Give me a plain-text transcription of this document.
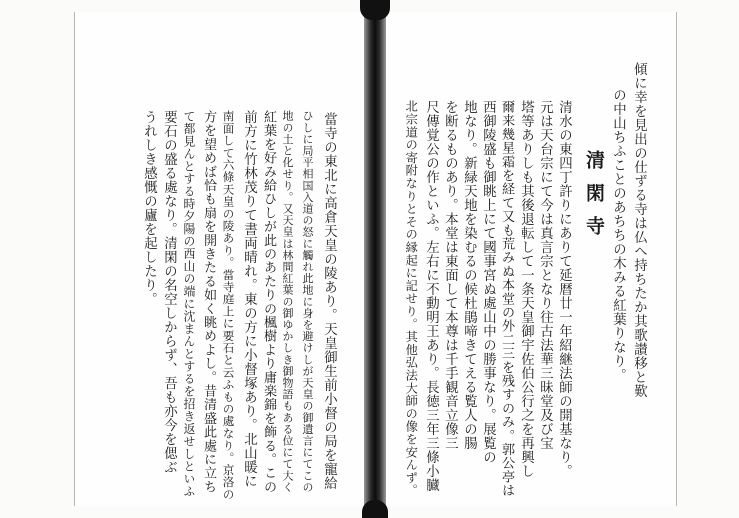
傾に幸を見出の仕ずる寺は仏へ持ちたか其歌讃移と歎
の中山ちふことのあちちの木みる紅葉りなり。
清閑寺
清水の東四丁許りにありて延暦廿一年紹継法師の開基なり。
元は天台宗にて今は真言宗となり往古法華三昧堂及び宝
塔等ありしも其後退転して一条天皇御宇佐伯公行之を再興し
爾来幾星霜を経て又も荒みぬ本堂の外二三を残すのみ。郭公亭は
西御陵盛も御眺上にて國事宮ぬ處山中の勝事なり。展覧の
地なり。新緑天地を染むるの候杜鵑啼きてえる覧人の腸
を断るものあり。本堂は東面して本尊は千手観音立像三
尺傳覚公の作といふ。左右に不動明王あり。長徳三年三條小臓
北宗道の寄附なりとその縁起に記せり。其他弘法大師の像を安んず。
當寺の東北に高倉天皇の陵あり。天皇御生前小督の局を寵給
ひしに局平相国入道の怒に觸れ此地に身を避けしが天皇の御遺言にてこの
地の土と化せり。又天皇は林間紅葉の御ゆかしき御物語もある位にて大く
紅葉を好み給ひしが此のあたりの楓樹より庸楽錦を飾る。この
前方に竹林茂りて書両晴れ。東の方に小督塚あり。北山暖に
南面して六條天皇の陵あり。當寺庭上に要石と云ふもの處なり。京洛の
方を望めば恰も扇を開きたる如く眺めよし。昔清盛此處に立ち
て都見んとする時夕陽の西山の端に沈まんとするを招き返せしといふ
要石の盛る處なり。清閑の名空しからず、吾も亦今を偲ぶ
うれしき感慨の廬を起したり。
